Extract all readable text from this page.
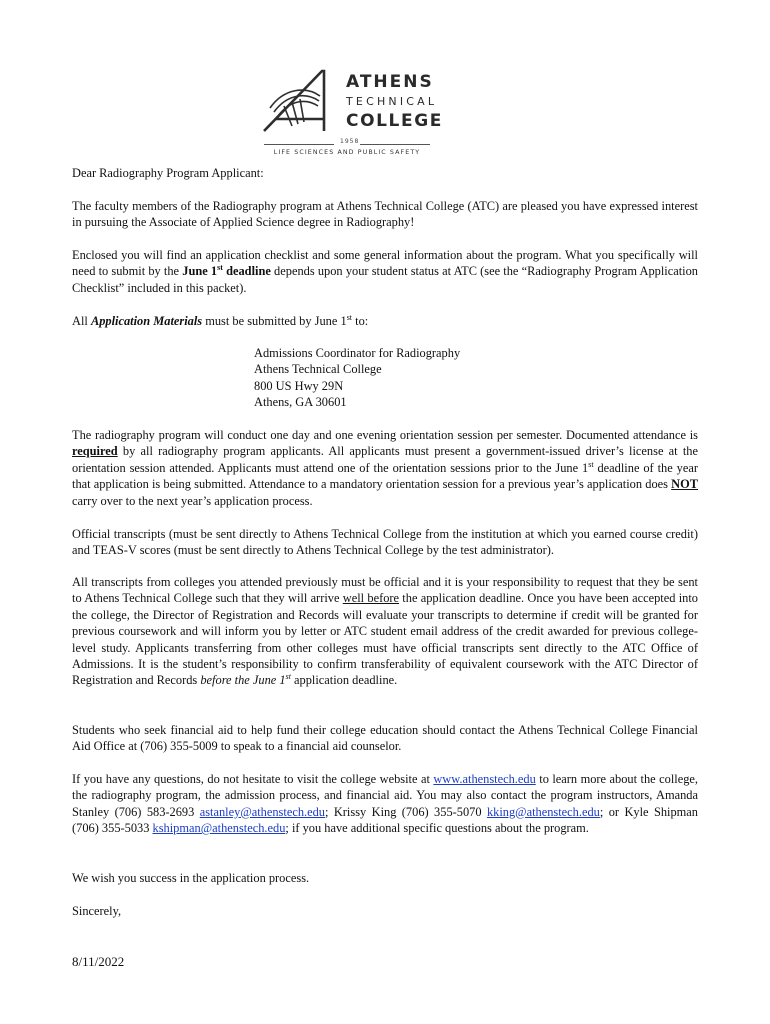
ATHENS
TECHNICAL
COLLEGE
1958
LIFE SCIENCES AND PUBLIC SAFETY
Dear Radiography Program Applicant:
The faculty members of the Radiography program at Athens Technical College (ATC) are pleased you have expressed interest in pursuing the Associate of Applied Science degree in Radiography!
Enclosed you will find an application checklist and some general information about the program. What you specifically will need to submit by the June 1st deadline depends upon your student status at ATC (see the “Radiography Program Application Checklist” included in this packet).
All Application Materials must be submitted by June 1st to:
Admissions Coordinator for Radiography
Athens Technical College
800 US Hwy 29N
Athens, GA 30601
The radiography program will conduct one day and one evening orientation session per semester. Documented attendance is required by all radiography program applicants. All applicants must present a government-issued driver’s license at the orientation session attended. Applicants must attend one of the orientation sessions prior to the June 1st deadline of the year that application is being submitted. Attendance to a mandatory orientation session for a previous year’s application does NOT carry over to the next year’s application process.
Official transcripts (must be sent directly to Athens Technical College from the institution at which you earned course credit) and TEAS-V scores (must be sent directly to Athens Technical College by the test administrator).
All transcripts from colleges you attended previously must be official and it is your responsibility to request that they be sent to Athens Technical College such that they will arrive well before the application deadline. Once you have been accepted into the college, the Director of Registration and Records will evaluate your transcripts to determine if credit will be granted for previous coursework and will inform you by letter or ATC student email address of the credit awarded for previous college-level study. Applicants transferring from other colleges must have official transcripts sent directly to the ATC Office of Admissions. It is the student’s responsibility to confirm transferability of equivalent coursework with the ATC Director of Registration and Records before the June 1st application deadline.
Students who seek financial aid to help fund their college education should contact the Athens Technical College Financial Aid Office at (706) 355-5009 to speak to a financial aid counselor.
If you have any questions, do not hesitate to visit the college website at www.athenstech.edu to learn more about the college, the radiography program, the admission process, and financial aid. You may also contact the program instructors, Amanda Stanley (706) 583-2693 astanley@athenstech.edu; Krissy King (706) 355-5070 kking@athenstech.edu; or Kyle Shipman (706) 355-5033 kshipman@athenstech.edu; if you have additional specific questions about the program.
We wish you success in the application process.
Sincerely,
8/11/2022
